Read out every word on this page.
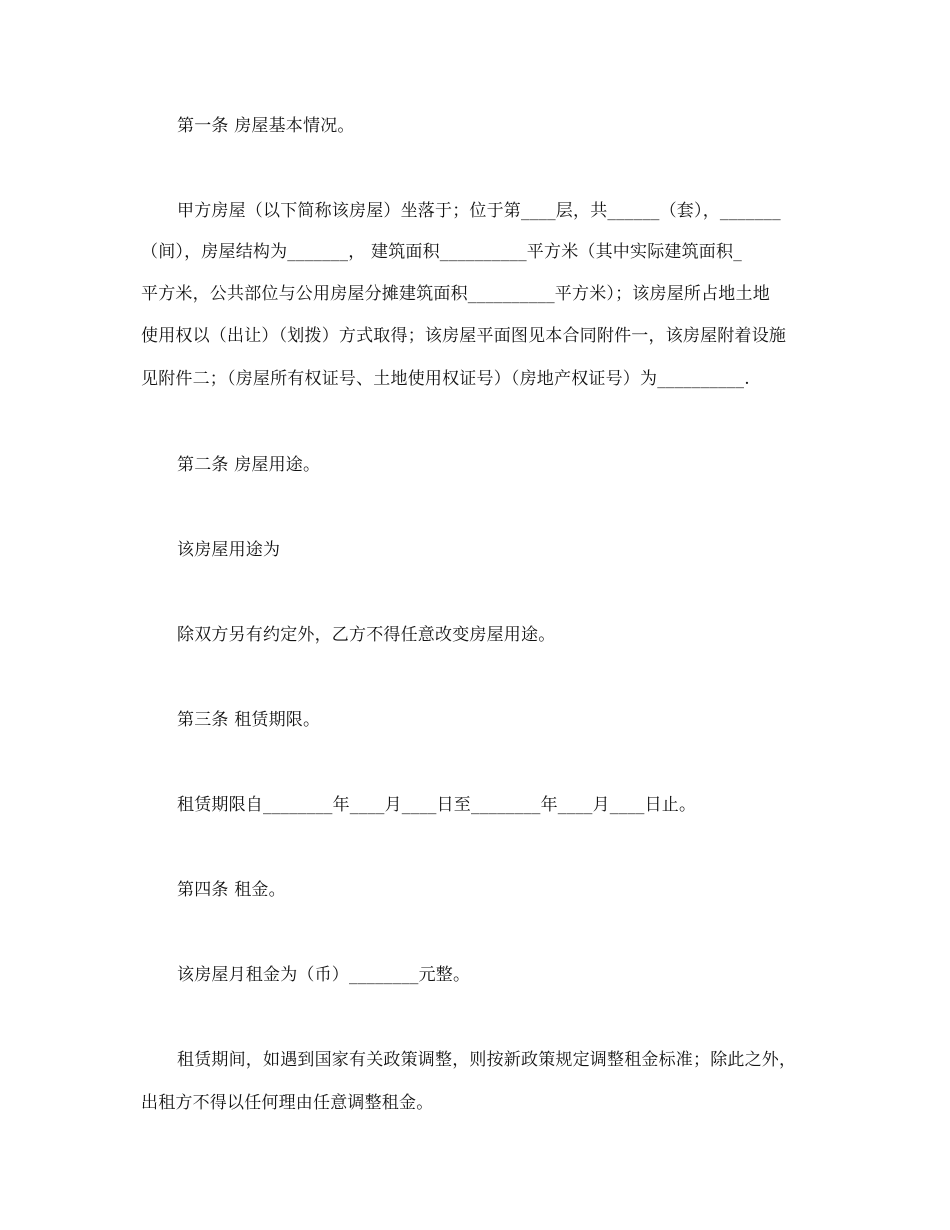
第一条 房屋基本情况。
甲方房屋（以下简称该房屋）坐落于；位于第____层，共______（套），_______
（间），房屋结构为_______， 建筑面积__________平方米（其中实际建筑面积_
平方米，公共部位与公用房屋分摊建筑面积__________平方米）；该房屋所占地土地
使用权以（出让）（划拨）方式取得；该房屋平面图见本合同附件一，该房屋附着设施
见附件二；（房屋所有权证号、土地使用权证号）（房地产权证号）为__________.
第二条 房屋用途。
该房屋用途为
除双方另有约定外，乙方不得任意改变房屋用途。
第三条 租赁期限。
租赁期限自________年____月____日至________年____月____日止。
第四条 租金。
该房屋月租金为（币）________元整。
租赁期间，如遇到国家有关政策调整，则按新政策规定调整租金标准；除此之外，
出租方不得以任何理由任意调整租金。
